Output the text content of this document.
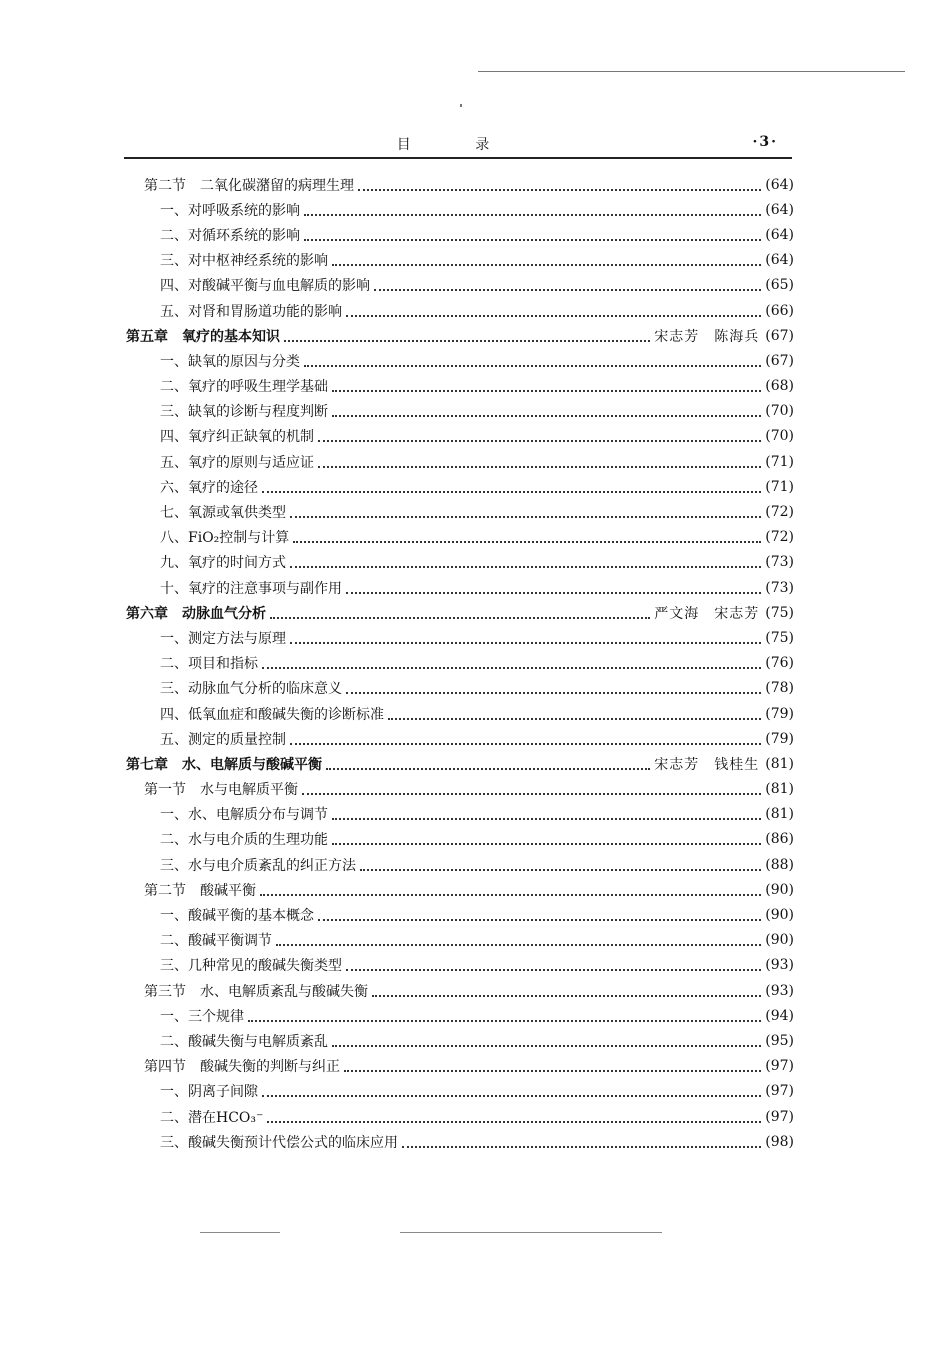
目 录	·3·
第二节　二氧化碳潴留的病理生理	(64)
一、对呼吸系统的影响	(64)
二、对循环系统的影响	(64)
三、对中枢神经系统的影响	(64)
四、对酸碱平衡与血电解质的影响	(65)
五、对肾和胃肠道功能的影响	(66)
第五章　氧疗的基本知识	宋志芳　陈海兵 (67)
一、缺氧的原因与分类	(67)
二、氧疗的呼吸生理学基础	(68)
三、缺氧的诊断与程度判断	(70)
四、氧疗纠正缺氧的机制	(70)
五、氧疗的原则与适应证	(71)
六、氧疗的途径	(71)
七、氧源或氧供类型	(72)
八、FiO₂控制与计算	(72)
九、氧疗的时间方式	(73)
十、氧疗的注意事项与副作用	(73)
第六章　动脉血气分析	严文海　宋志芳 (75)
一、测定方法与原理	(75)
二、项目和指标	(76)
三、动脉血气分析的临床意义	(78)
四、低氧血症和酸碱失衡的诊断标准	(79)
五、测定的质量控制	(79)
第七章　水、电解质与酸碱平衡	宋志芳　钱桂生 (81)
第一节　水与电解质平衡	(81)
一、水、电解质分布与调节	(81)
二、水与电介质的生理功能	(86)
三、水与电介质紊乱的纠正方法	(88)
第二节　酸碱平衡	(90)
一、酸碱平衡的基本概念	(90)
二、酸碱平衡调节	(90)
三、几种常见的酸碱失衡类型	(93)
第三节　水、电解质紊乱与酸碱失衡	(93)
一、三个规律	(94)
二、酸碱失衡与电解质紊乱	(95)
第四节　酸碱失衡的判断与纠正	(97)
一、阴离子间隙	(97)
二、潜在HCO₃⁻	(97)
三、酸碱失衡预计代偿公式的临床应用	(98)
